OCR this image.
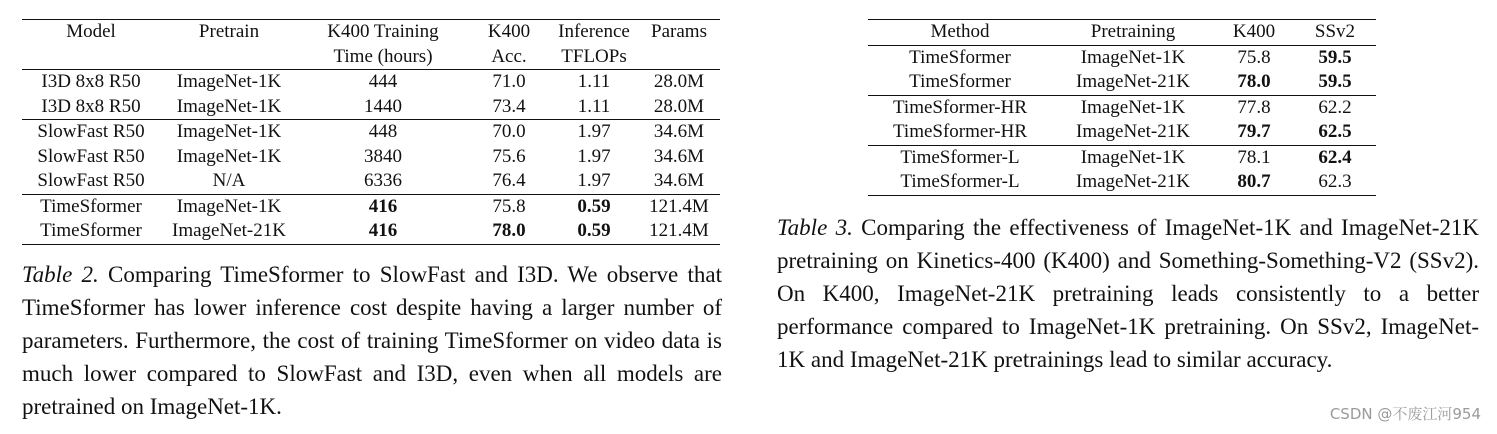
Model	Pretrain	K400 Training	K400	Inference	Params
		Time (hours)	Acc.	TFLOPs	
I3D 8x8 R50	ImageNet-1K	444	71.0	1.11	28.0M
I3D 8x8 R50	ImageNet-1K	1440	73.4	1.11	28.0M
SlowFast R50	ImageNet-1K	448	70.0	1.97	34.6M
SlowFast R50	ImageNet-1K	3840	75.6	1.97	34.6M
SlowFast R50	N/A	6336	76.4	1.97	34.6M
TimeSformer	ImageNet-1K	416	75.8	0.59	121.4M
TimeSformer	ImageNet-21K	416	78.0	0.59	121.4M

Table 2. Comparing TimeSformer to SlowFast and I3D. We observe that TimeSformer has lower inference cost despite having a larger number of parameters. Furthermore, the cost of training TimeSformer on video data is much lower compared to SlowFast and I3D, even when all models are pretrained on ImageNet-1K.

Method	Pretraining	K400	SSv2
TimeSformer	ImageNet-1K	75.8	59.5
TimeSformer	ImageNet-21K	78.0	59.5
TimeSformer-HR	ImageNet-1K	77.8	62.2
TimeSformer-HR	ImageNet-21K	79.7	62.5
TimeSformer-L	ImageNet-1K	78.1	62.4
TimeSformer-L	ImageNet-21K	80.7	62.3

Table 3. Comparing the effectiveness of ImageNet-1K and ImageNet-21K pretraining on Kinetics-400 (K400) and Something-Something-V2 (SSv2). On K400, ImageNet-21K pretraining leads consistently to a better performance compared to ImageNet-1K pretraining. On SSv2, ImageNet-1K and ImageNet-21K pretrainings lead to similar accuracy.

CSDN @不废江河954
